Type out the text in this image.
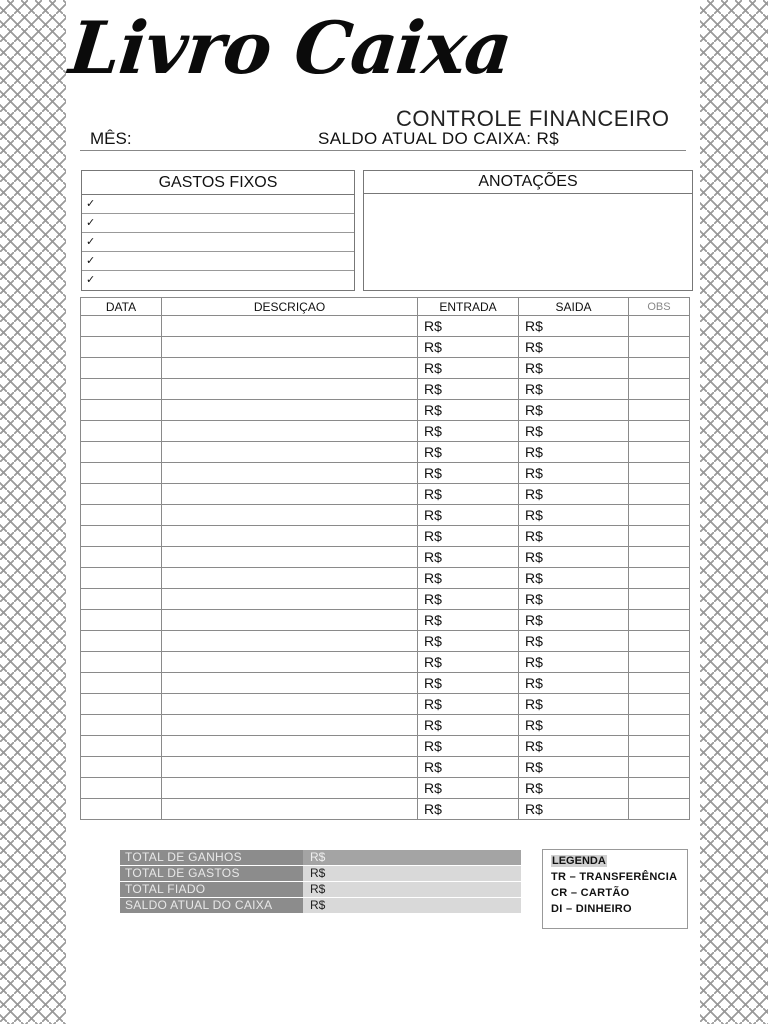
Livro Caixa
CONTROLE FINANCEIRO
MÊS:	SALDO ATUAL DO CAIXA: R$
GASTOS FIXOS
✓
✓
✓
✓
✓
ANOTAÇÕES
DATA	DESCRIÇAO	ENTRADA	SAIDA	OBS
		R$	R$	
		R$	R$	
		R$	R$	
		R$	R$	
		R$	R$	
		R$	R$	
		R$	R$	
		R$	R$	
		R$	R$	
		R$	R$	
		R$	R$	
		R$	R$	
		R$	R$	
		R$	R$	
		R$	R$	
		R$	R$	
		R$	R$	
		R$	R$	
		R$	R$	
		R$	R$	
		R$	R$	
		R$	R$	
		R$	R$	
		R$	R$	
TOTAL DE GANHOS	R$
TOTAL DE GASTOS	R$
TOTAL FIADO	R$
SALDO ATUAL DO CAIXA	R$
LEGENDA
TR – TRANSFERÊNCIA
CR – CARTÃO
DI – DINHEIRO
